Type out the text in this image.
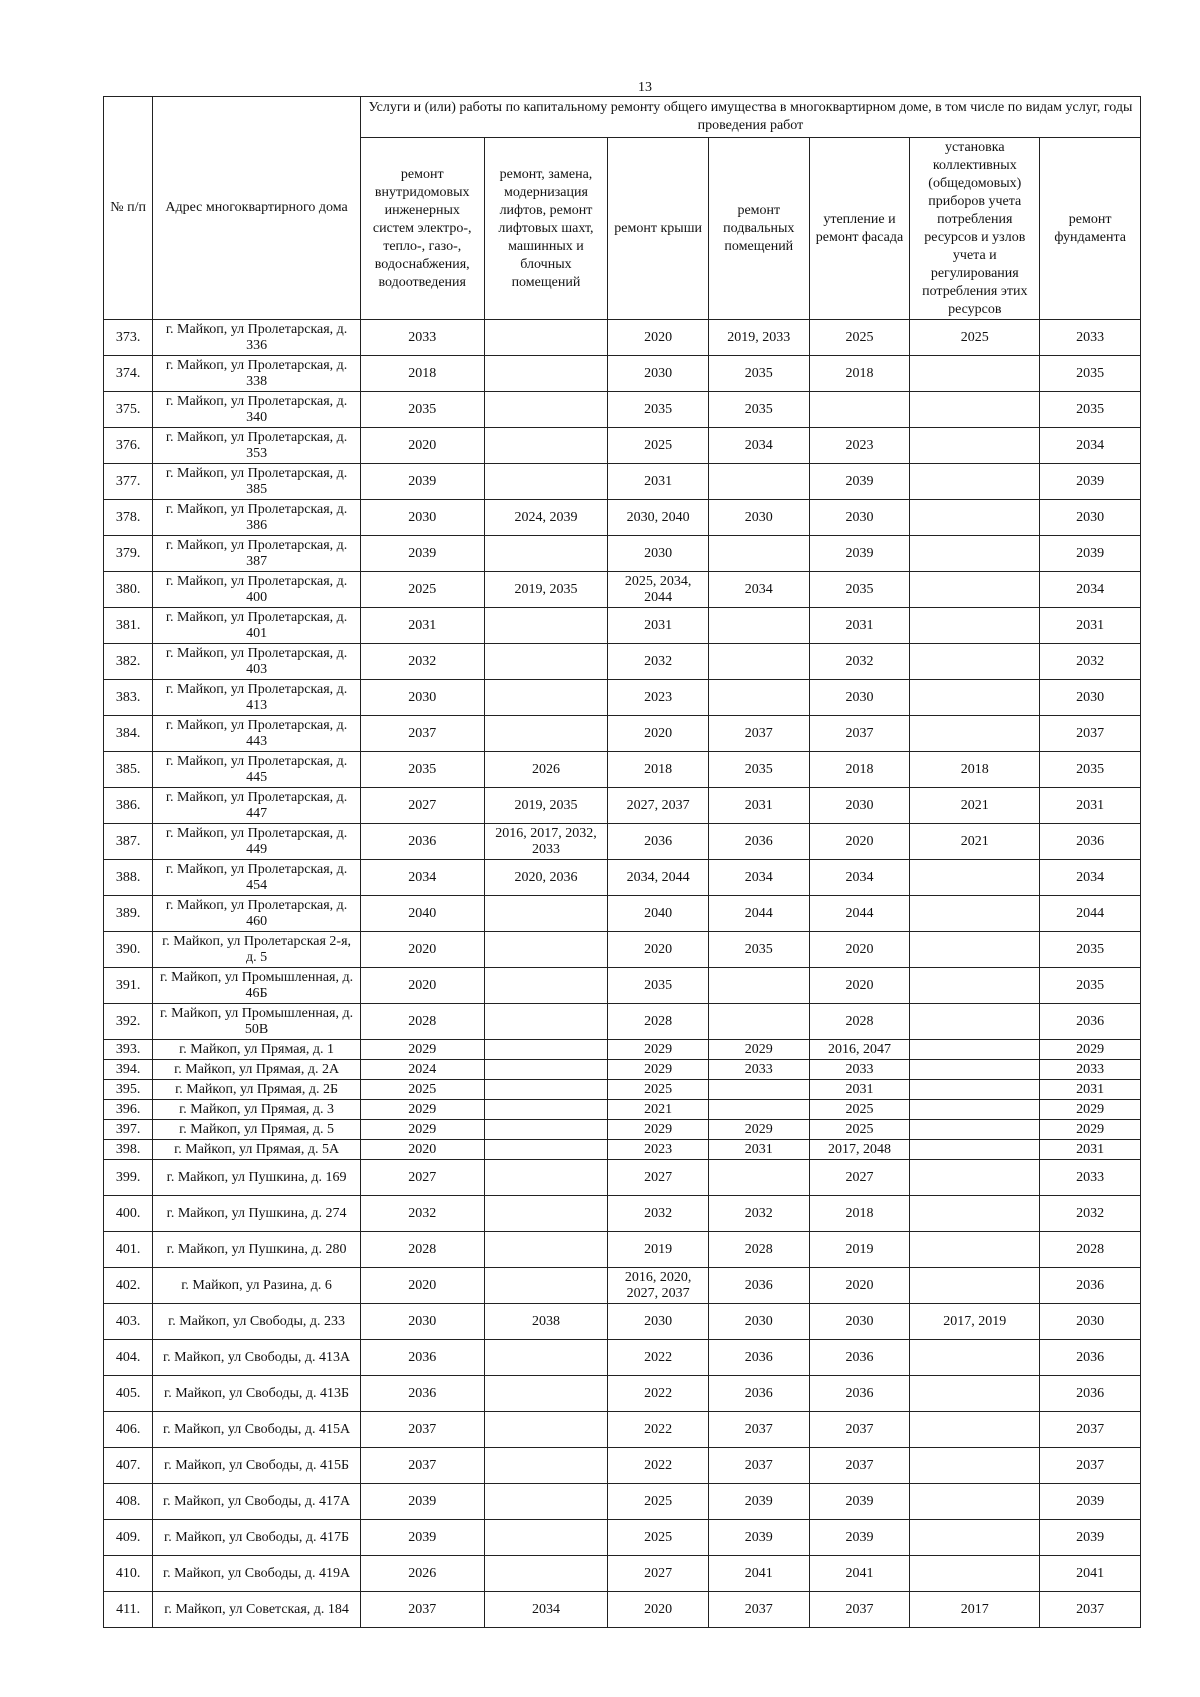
13
№ п/п	Адрес многоквартирного дома	Услуги и (или) работы по капитальному ремонту общего имущества в многоквартирном доме, в том числе по видам услуг, годы проведения работ						
		ремонт внутридомовых инженерных систем электро-, тепло-, газо-, водоснабжения, водоотведения	ремонт, замена, модернизация лифтов, ремонт лифтовых шахт, машинных и блочных помещений	ремонт крыши	ремонт подвальных помещений	утепление и ремонт фасада	установка коллективных (общедомовых) приборов учета потребления ресурсов и узлов учета и регулирования потребления этих ресурсов	ремонт фундамента
373.	г. Майкоп, ул Пролетарская, д. 336	2033		2020	2019, 2033	2025	2025	2033
374.	г. Майкоп, ул Пролетарская, д. 338	2018		2030	2035	2018		2035
375.	г. Майкоп, ул Пролетарская, д. 340	2035		2035	2035			2035
376.	г. Майкоп, ул Пролетарская, д. 353	2020		2025	2034	2023		2034
377.	г. Майкоп, ул Пролетарская, д. 385	2039		2031		2039		2039
378.	г. Майкоп, ул Пролетарская, д. 386	2030	2024, 2039	2030, 2040	2030	2030		2030
379.	г. Майкоп, ул Пролетарская, д. 387	2039		2030		2039		2039
380.	г. Майкоп, ул Пролетарская, д. 400	2025	2019, 2035	2025, 2034, 2044	2034	2035		2034
381.	г. Майкоп, ул Пролетарская, д. 401	2031		2031		2031		2031
382.	г. Майкоп, ул Пролетарская, д. 403	2032		2032		2032		2032
383.	г. Майкоп, ул Пролетарская, д. 413	2030		2023		2030		2030
384.	г. Майкоп, ул Пролетарская, д. 443	2037		2020	2037	2037		2037
385.	г. Майкоп, ул Пролетарская, д. 445	2035	2026	2018	2035	2018	2018	2035
386.	г. Майкоп, ул Пролетарская, д. 447	2027	2019, 2035	2027, 2037	2031	2030	2021	2031
387.	г. Майкоп, ул Пролетарская, д. 449	2036	2016, 2017, 2032, 2033	2036	2036	2020	2021	2036
388.	г. Майкоп, ул Пролетарская, д. 454	2034	2020, 2036	2034, 2044	2034	2034		2034
389.	г. Майкоп, ул Пролетарская, д. 460	2040		2040	2044	2044		2044
390.	г. Майкоп, ул Пролетарская 2-я, д. 5	2020		2020	2035	2020		2035
391.	г. Майкоп, ул Промышленная, д. 46Б	2020		2035		2020		2035
392.	г. Майкоп, ул Промышленная, д. 50В	2028		2028		2028		2036
393.	г. Майкоп, ул Прямая, д. 1	2029		2029	2029	2016, 2047		2029
394.	г. Майкоп, ул Прямая, д. 2А	2024		2029	2033	2033		2033
395.	г. Майкоп, ул Прямая, д. 2Б	2025		2025		2031		2031
396.	г. Майкоп, ул Прямая, д. 3	2029		2021		2025		2029
397.	г. Майкоп, ул Прямая, д. 5	2029		2029	2029	2025		2029
398.	г. Майкоп, ул Прямая, д. 5А	2020		2023	2031	2017, 2048		2031
399.	г. Майкоп, ул Пушкина, д. 169	2027		2027		2027		2033
400.	г. Майкоп, ул Пушкина, д. 274	2032		2032	2032	2018		2032
401.	г. Майкоп, ул Пушкина, д. 280	2028		2019	2028	2019		2028
402.	г. Майкоп, ул Разина, д. 6	2020		2016, 2020, 2027, 2037	2036	2020		2036
403.	г. Майкоп, ул Свободы, д. 233	2030	2038	2030	2030	2030	2017, 2019	2030
404.	г. Майкоп, ул Свободы, д. 413А	2036		2022	2036	2036		2036
405.	г. Майкоп, ул Свободы, д. 413Б	2036		2022	2036	2036		2036
406.	г. Майкоп, ул Свободы, д. 415А	2037		2022	2037	2037		2037
407.	г. Майкоп, ул Свободы, д. 415Б	2037		2022	2037	2037		2037
408.	г. Майкоп, ул Свободы, д. 417А	2039		2025	2039	2039		2039
409.	г. Майкоп, ул Свободы, д. 417Б	2039		2025	2039	2039		2039
410.	г. Майкоп, ул Свободы, д. 419А	2026		2027	2041	2041		2041
411.	г. Майкоп, ул Советская, д. 184	2037	2034	2020	2037	2037	2017	2037
